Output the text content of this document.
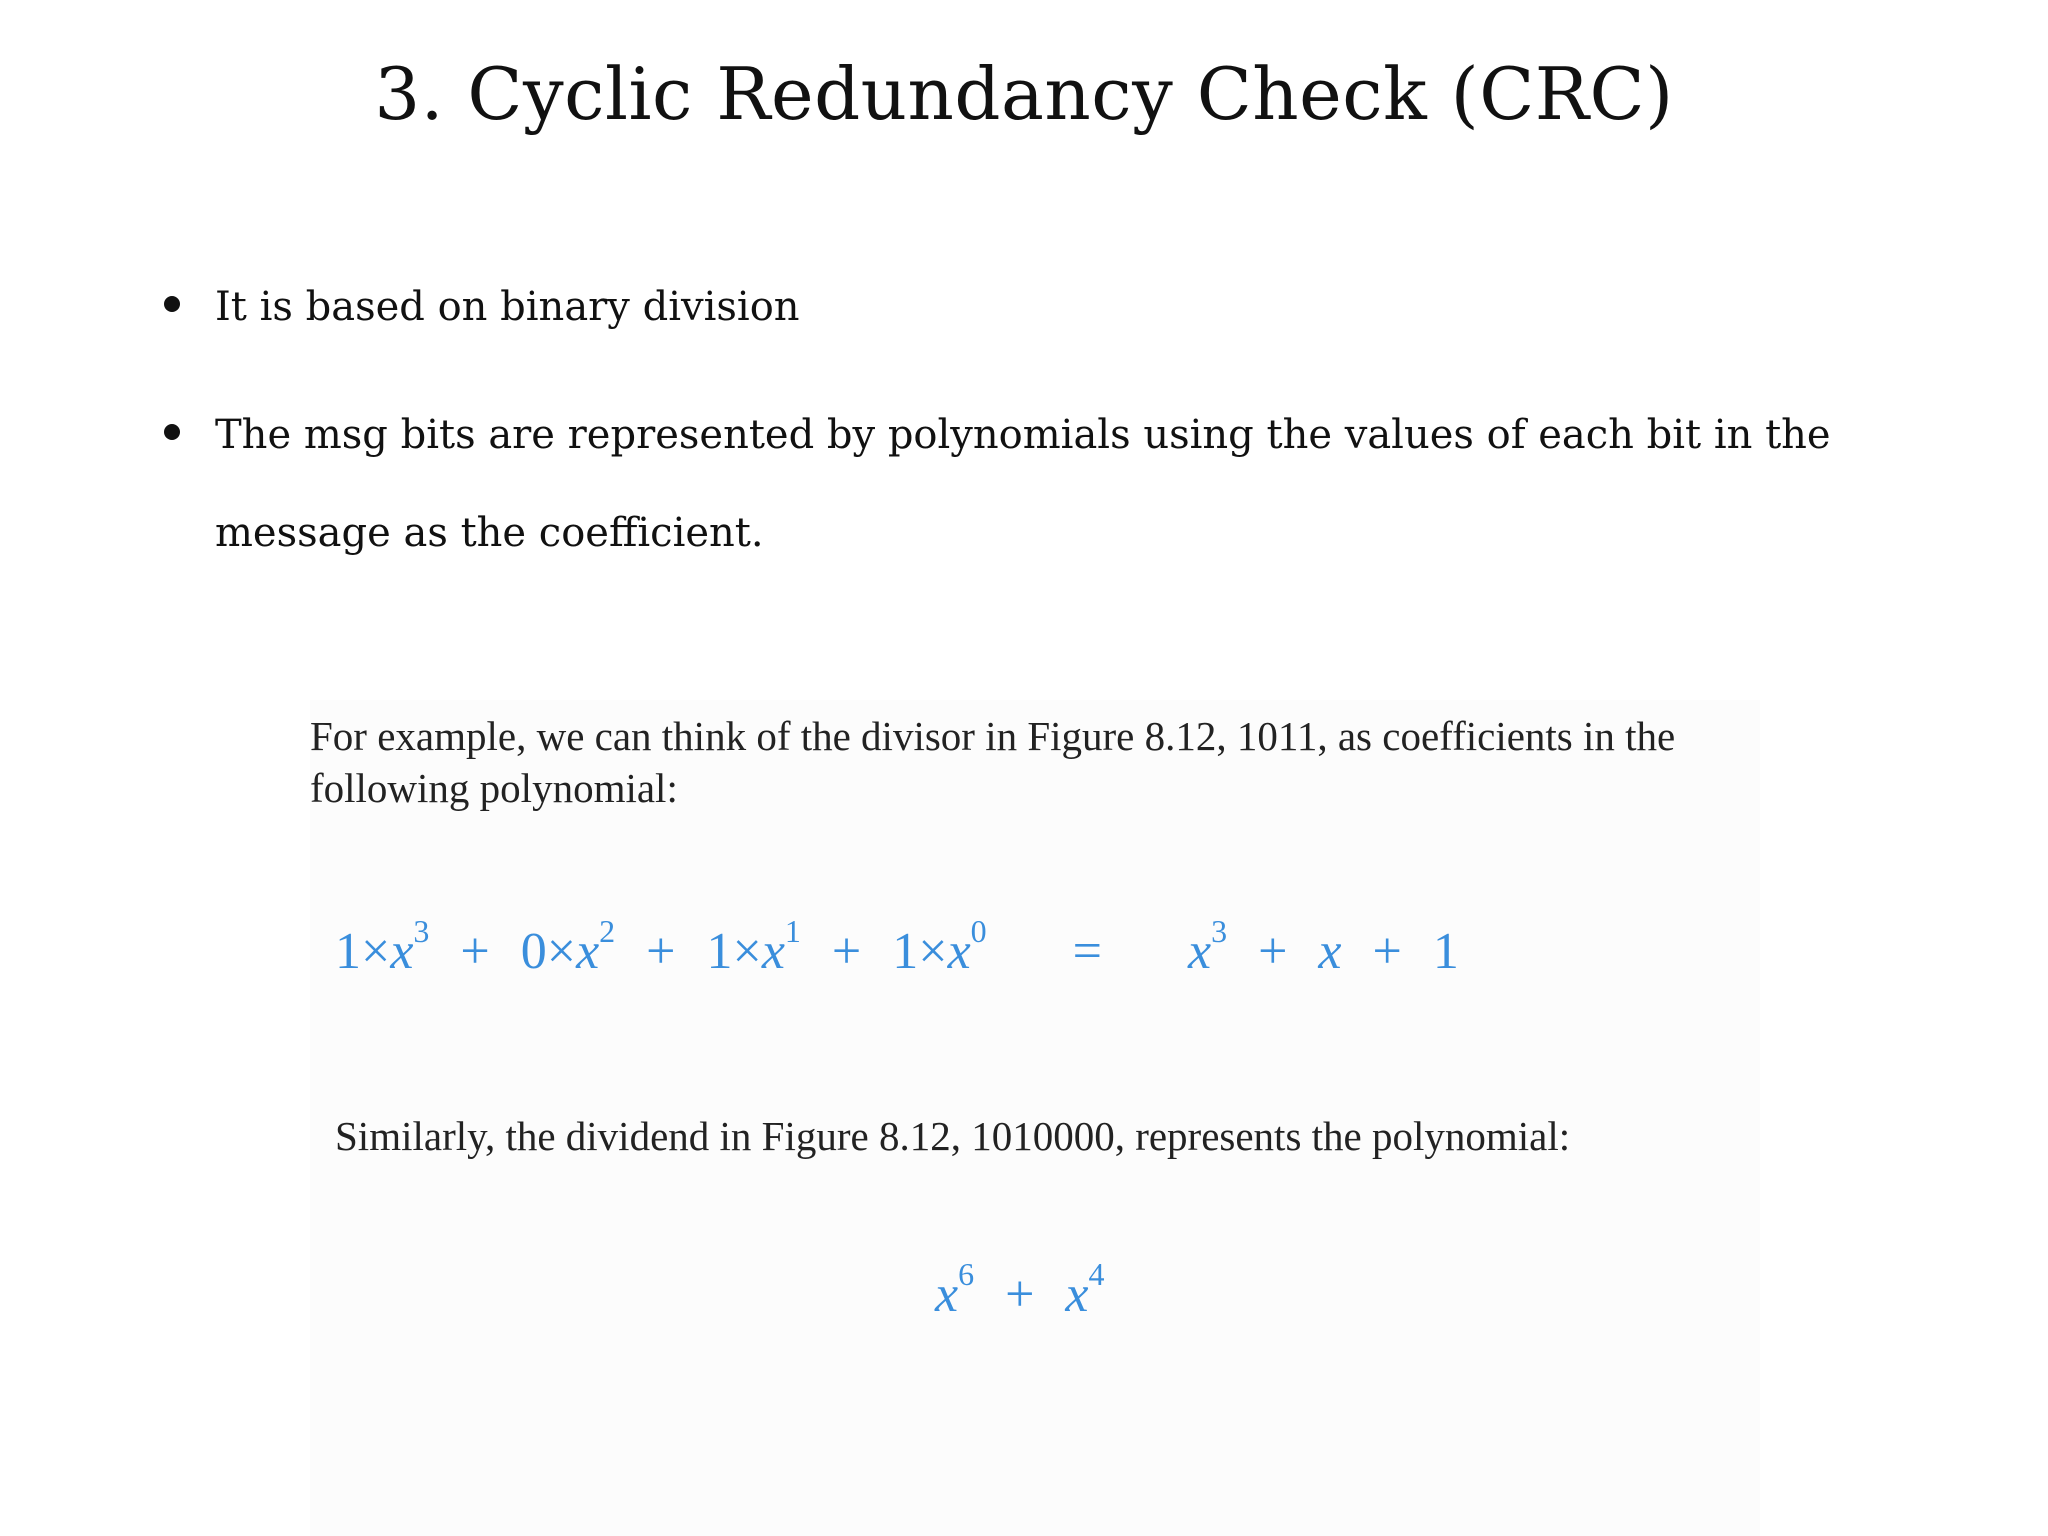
3. Cyclic Redundancy Check (CRC)
It is based on binary division
The msg bits are represented by polynomials using the values of each bit in the message as the coefficient.

For example, we can think of the divisor in Figure 8.12, 1011, as coefficients in the following polynomial:

$1\times x^3 + 0\times x^2 + 1\times x^1 + 1\times x^0 = x^3 + x + 1$

Similarly, the dividend in Figure 8.12, 1010000, represents the polynomial:

$x^6 + x^4$
